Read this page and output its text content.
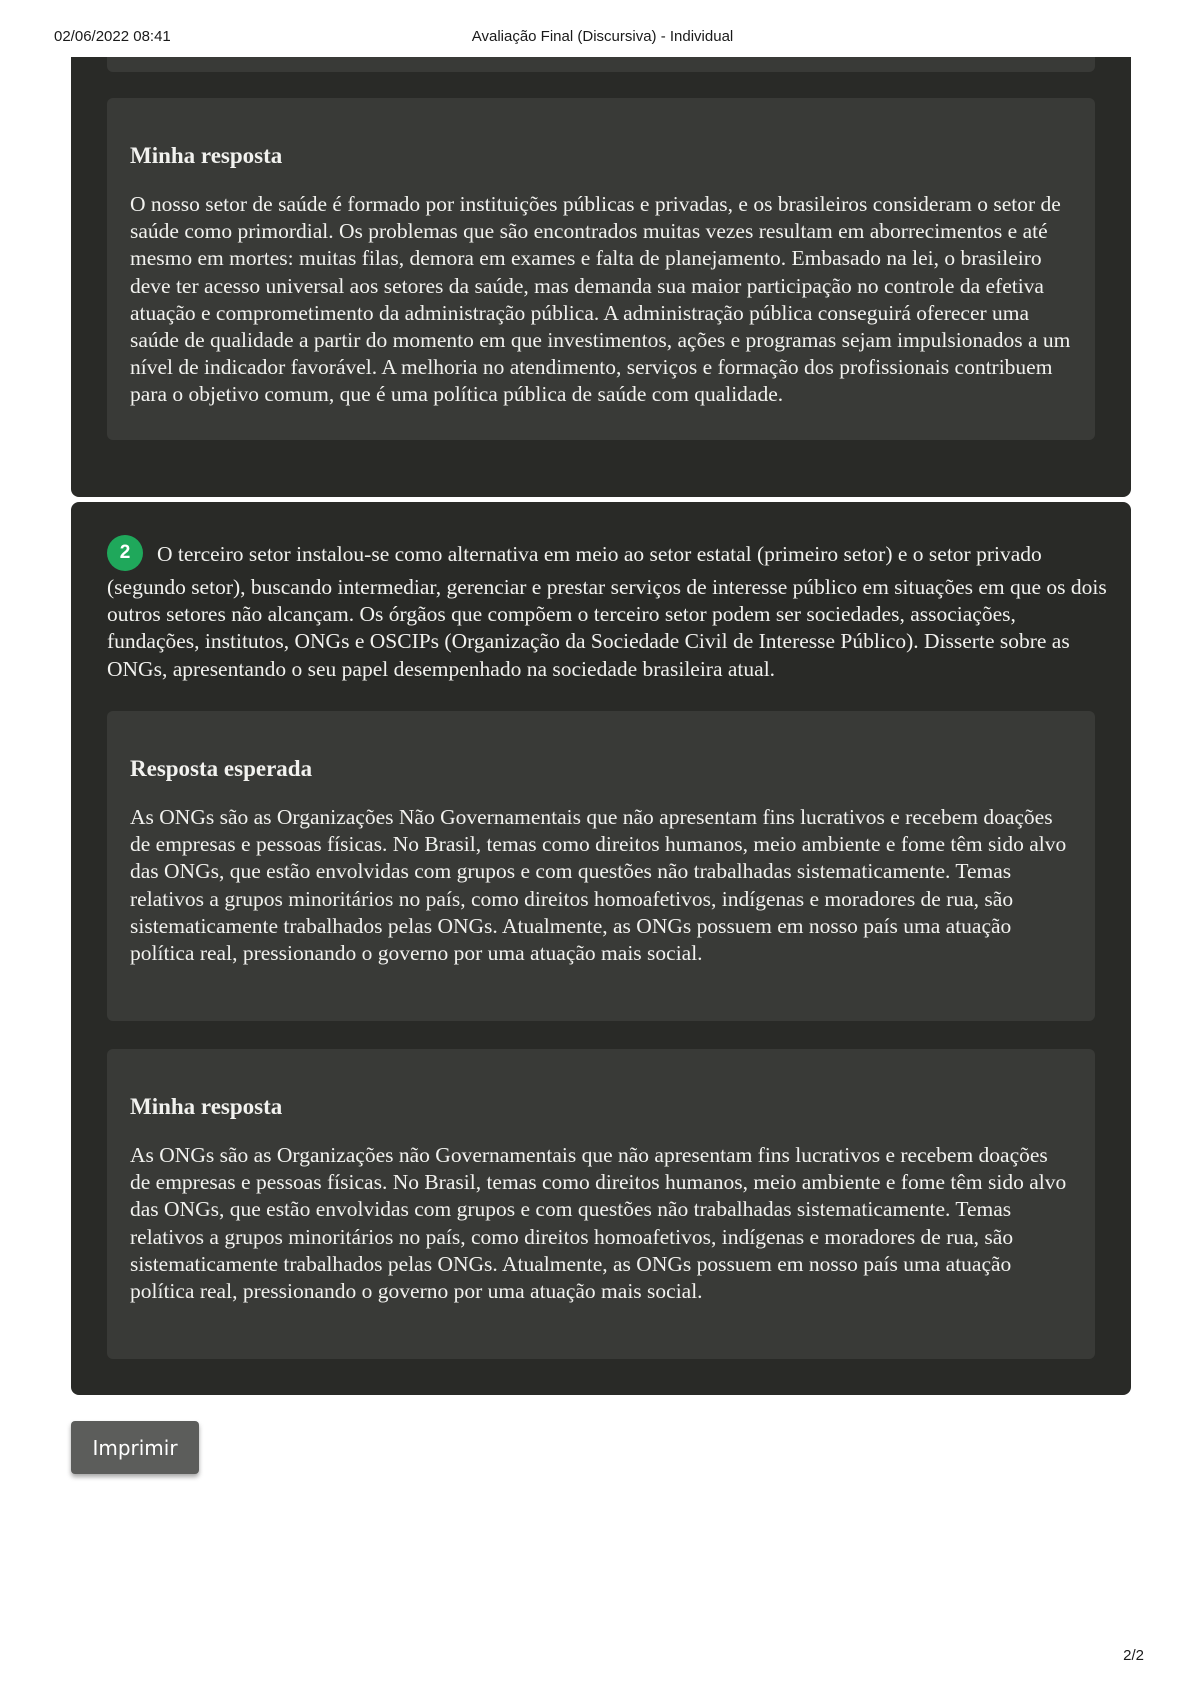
02/06/2022 08:41	Avaliação Final (Discursiva) - Individual
Minha resposta

O nosso setor de saúde é formado por instituições públicas e privadas, e os brasileiros consideram o setor de saúde como primordial. Os problemas que são encontrados muitas vezes resultam em aborrecimentos e até mesmo em mortes: muitas filas, demora em exames e falta de planejamento. Embasado na lei, o brasileiro deve ter acesso universal aos setores da saúde, mas demanda sua maior participação no controle da efetiva atuação e comprometimento da administração pública. A administração pública conseguirá oferecer uma saúde de qualidade a partir do momento em que investimentos, ações e programas sejam impulsionados a um nível de indicador favorável. A melhoria no atendimento, serviços e formação dos profissionais contribuem para o objetivo comum, que é uma política pública de saúde com qualidade.

2 O terceiro setor instalou-se como alternativa em meio ao setor estatal (primeiro setor) e o setor privado (segundo setor), buscando intermediar, gerenciar e prestar serviços de interesse público em situações em que os dois outros setores não alcançam. Os órgãos que compõem o terceiro setor podem ser sociedades, associações, fundações, institutos, ONGs e OSCIPs (Organização da Sociedade Civil de Interesse Público). Disserte sobre as ONGs, apresentando o seu papel desempenhado na sociedade brasileira atual.
Resposta esperada

As ONGs são as Organizações Não Governamentais que não apresentam fins lucrativos e recebem doações de empresas e pessoas físicas. No Brasil, temas como direitos humanos, meio ambiente e fome têm sido alvo das ONGs, que estão envolvidas com grupos e com questões não trabalhadas sistematicamente. Temas relativos a grupos minoritários no país, como direitos homoafetivos, indígenas e moradores de rua, são sistematicamente trabalhados pelas ONGs. Atualmente, as ONGs possuem em nosso país uma atuação política real, pressionando o governo por uma atuação mais social.

Minha resposta

As ONGs são as Organizações não Governamentais que não apresentam fins lucrativos e recebem doações de empresas e pessoas físicas. No Brasil, temas como direitos humanos, meio ambiente e fome têm sido alvo das ONGs, que estão envolvidas com grupos e com questões não trabalhadas sistematicamente. Temas relativos a grupos minoritários no país, como direitos homoafetivos, indígenas e moradores de rua, são sistematicamente trabalhados pelas ONGs. Atualmente, as ONGs possuem em nosso país uma atuação política real, pressionando o governo por uma atuação mais social.

Imprimir
2/2
